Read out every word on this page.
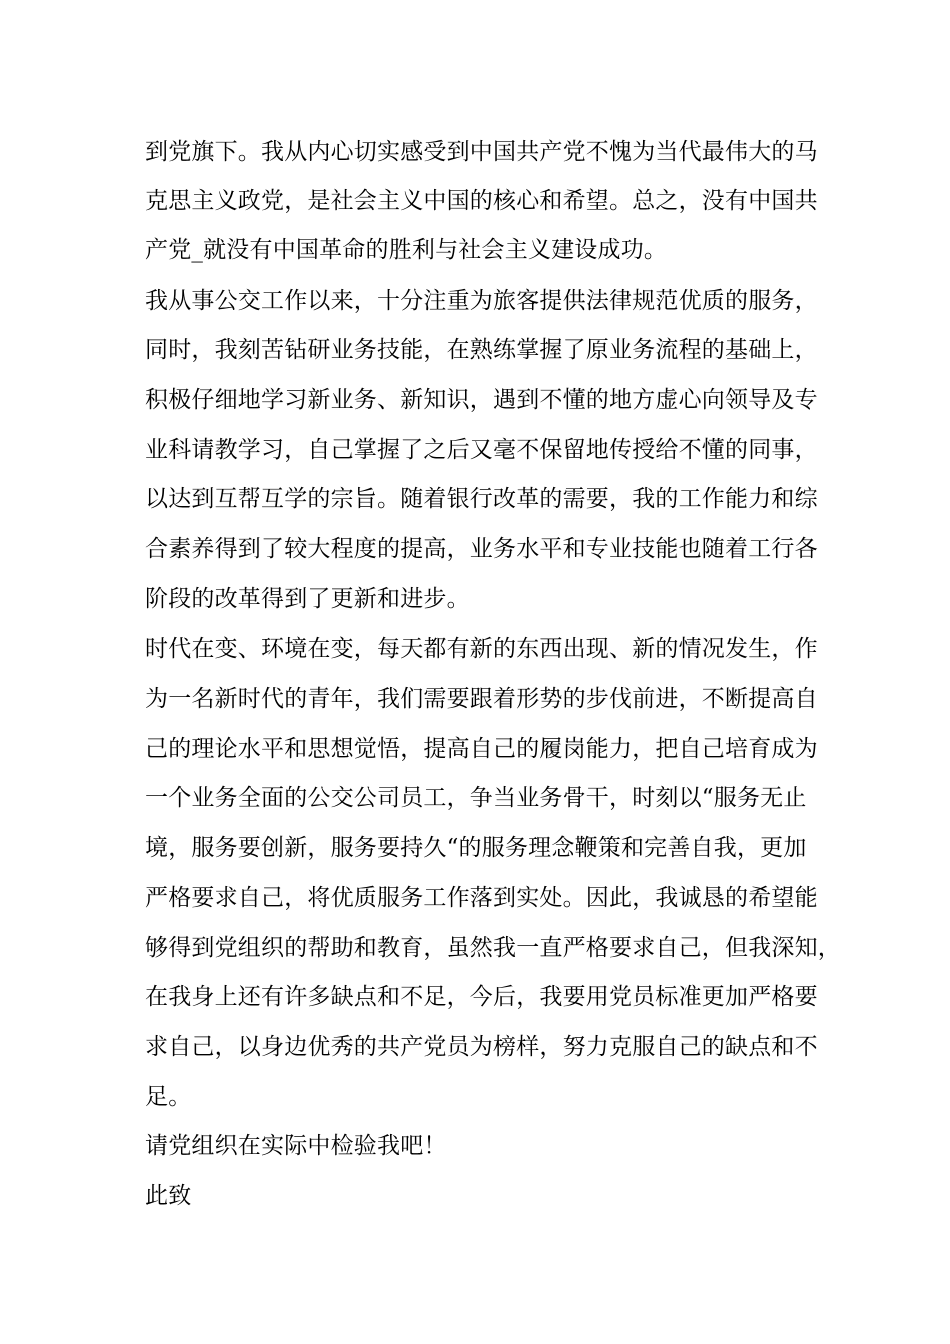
到党旗下。我从内心切实感受到中国共产党不愧为当代最伟大的马
克思主义政党，是社会主义中国的核心和希望。总之，没有中国共
产党_就没有中国革命的胜利与社会主义建设成功。
我从事公交工作以来，十分注重为旅客提供法律规范优质的服务，
同时，我刻苦钻研业务技能，在熟练掌握了原业务流程的基础上，
积极仔细地学习新业务、新知识，遇到不懂的地方虚心向领导及专
业科请教学习，自己掌握了之后又毫不保留地传授给不懂的同事，
以达到互帮互学的宗旨。随着银行改革的需要，我的工作能力和综
合素养得到了较大程度的提高，业务水平和专业技能也随着工行各
阶段的改革得到了更新和进步。
时代在变、环境在变，每天都有新的东西出现、新的情况发生，作
为一名新时代的青年，我们需要跟着形势的步伐前进，不断提高自
己的理论水平和思想觉悟，提高自己的履岗能力，把自己培育成为
一个业务全面的公交公司员工，争当业务骨干，时刻以“服务无止
境，服务要创新，服务要持久“的服务理念鞭策和完善自我，更加
严格要求自己，将优质服务工作落到实处。因此，我诚恳的希望能
够得到党组织的帮助和教育，虽然我一直严格要求自己，但我深知，
在我身上还有许多缺点和不足，今后，我要用党员标准更加严格要
求自己，以身边优秀的共产党员为榜样，努力克服自己的缺点和不
足。
请党组织在实际中检验我吧！
此致
